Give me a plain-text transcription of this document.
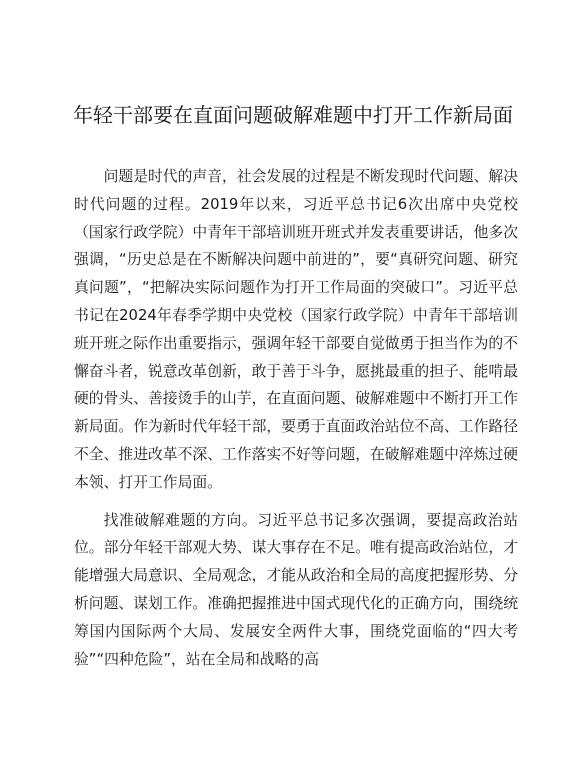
年轻干部要在直面问题破解难题中打开工作新局面

问题是时代的声音，社会发展的过程是不断发现时代问题、解决时代问题的过程。2019年以来，习近平总书记6次出席中央党校（国家行政学院）中青年干部培训班开班式并发表重要讲话，他多次强调，“历史总是在不断解决问题中前进的”，要“真研究问题、研究真问题”，“把解决实际问题作为打开工作局面的突破口”。习近平总书记在2024年春季学期中央党校（国家行政学院）中青年干部培训班开班之际作出重要指示，强调年轻干部要自觉做勇于担当作为的不懈奋斗者，锐意改革创新，敢于善于斗争，愿挑最重的担子、能啃最硬的骨头、善接烫手的山芋，在直面问题、破解难题中不断打开工作新局面。作为新时代年轻干部，要勇于直面政治站位不高、工作路径不全、推进改革不深、工作落实不好等问题，在破解难题中淬炼过硬本领、打开工作局面。

找准破解难题的方向。习近平总书记多次强调，要提高政治站位。部分年轻干部观大势、谋大事存在不足。唯有提高政治站位，才能增强大局意识、全局观念，才能从政治和全局的高度把握形势、分析问题、谋划工作。准确把握推进中国式现代化的正确方向，围绕统筹国内国际两个大局、发展安全两件大事，围绕党面临的“四大考验”“四种危险”，站在全局和战略的高
